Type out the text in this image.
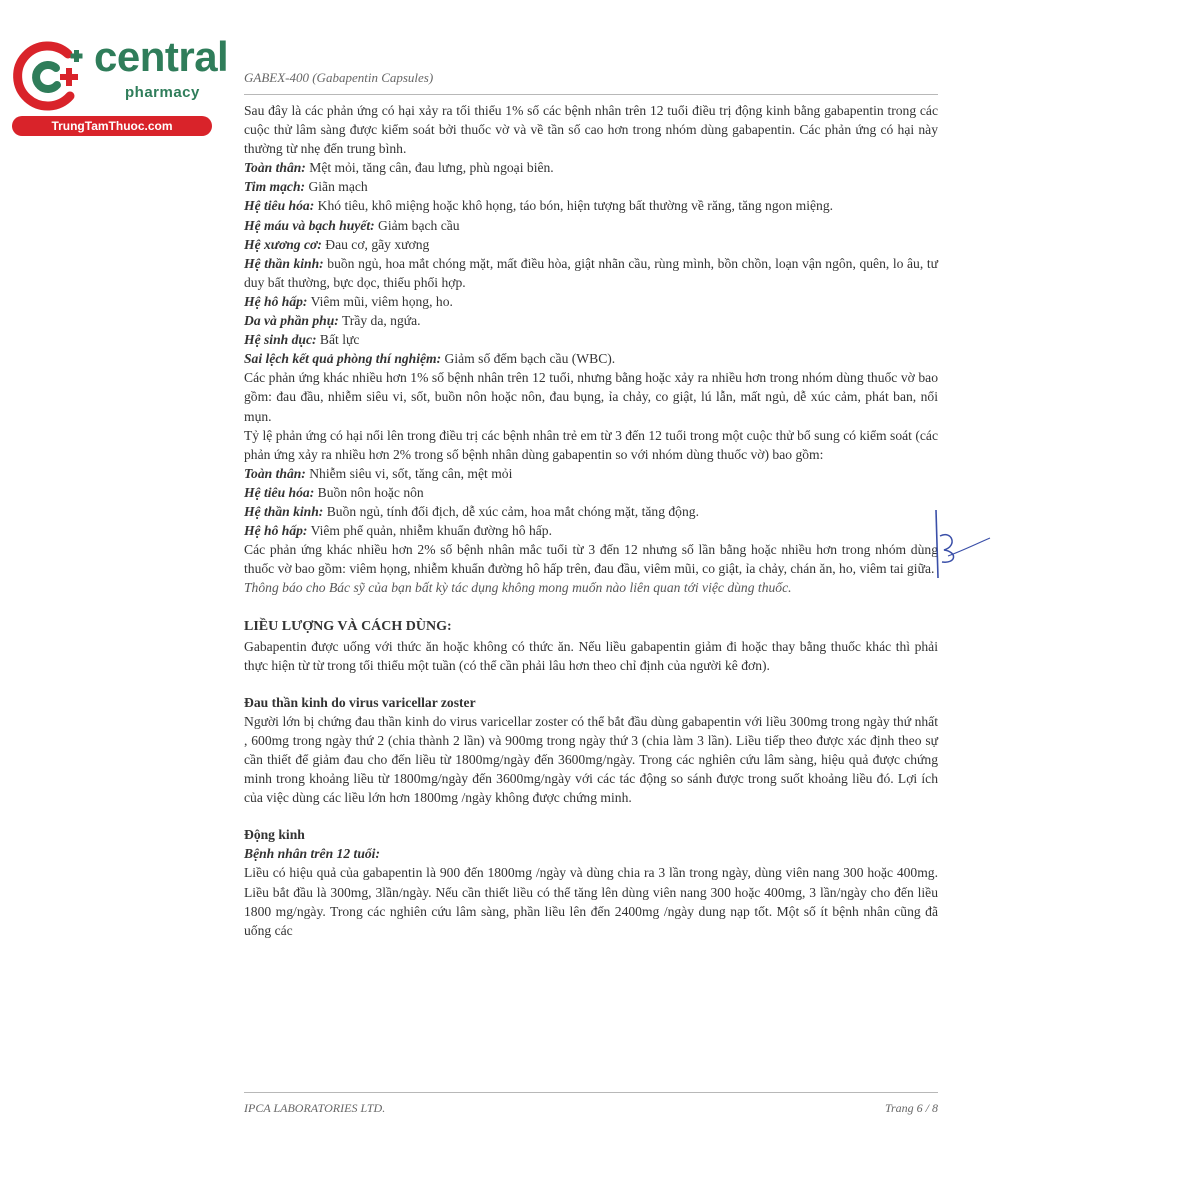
central
pharmacy
TrungTamThuoc.com
GABEX-400 (Gabapentin Capsules)

Sau đây là các phản ứng có hại xảy ra tối thiểu 1% số các bệnh nhân trên 12 tuổi điều trị động kinh bằng gabapentin trong các cuộc thử lâm sàng được kiểm soát bởi thuốc vờ và về tần số cao hơn trong nhóm dùng gabapentin. Các phản ứng có hại này thường từ nhẹ đến trung bình.

Toàn thân: Mệt mỏi, tăng cân, đau lưng, phù ngoại biên.

Tim mạch: Giãn mạch

Hệ tiêu hóa: Khó tiêu, khô miệng hoặc khô họng, táo bón, hiện tượng bất thường về răng, tăng ngon miệng.

Hệ máu và bạch huyết: Giảm bạch cầu

Hệ xương cơ: Đau cơ, gãy xương

Hệ thần kinh: buồn ngủ, hoa mắt chóng mặt, mất điều hòa, giật nhãn cầu, rùng mình, bồn chồn, loạn vận ngôn, quên, lo âu, tư duy bất thường, bực dọc, thiếu phối hợp.

Hệ hô hấp: Viêm mũi, viêm họng, ho.

Da và phần phụ: Trầy da, ngứa.

Hệ sinh dục: Bất lực

Sai lệch kết quả phòng thí nghiệm: Giảm số đếm bạch cầu (WBC).

Các phản ứng khác nhiều hơn 1% số bệnh nhân trên 12 tuổi, nhưng bằng hoặc xảy ra nhiều hơn trong nhóm dùng thuốc vờ bao gồm: đau đầu, nhiễm siêu vi, sốt, buồn nôn hoặc nôn, đau bụng, ỉa chảy, co giật, lú lẫn, mất ngủ, dễ xúc cảm, phát ban, nổi mụn.

Tỷ lệ phản ứng có hại nổi lên trong điều trị các bệnh nhân trẻ em từ 3 đến 12 tuổi trong một cuộc thử bổ sung có kiểm soát (các phản ứng xảy ra nhiều hơn 2% trong số bệnh nhân dùng gabapentin so với nhóm dùng thuốc vờ) bao gồm:

Toàn thân: Nhiễm siêu vi, sốt, tăng cân, mệt mỏi

Hệ tiêu hóa: Buồn nôn hoặc nôn

Hệ thần kinh: Buồn ngủ, tính đối địch, dễ xúc cảm, hoa mắt chóng mặt, tăng động.

Hệ hô hấp: Viêm phế quản, nhiễm khuẩn đường hô hấp.

Các phản ứng khác nhiều hơn 2% số bệnh nhân mắc tuổi từ 3 đến 12 nhưng số lần bằng hoặc nhiều hơn trong nhóm dùng thuốc vờ bao gồm: viêm họng, nhiễm khuẩn đường hô hấp trên, đau đầu, viêm mũi, co giật, ỉa chảy, chán ăn, ho, viêm tai giữa.

Thông báo cho Bác sỹ của bạn bất kỳ tác dụng không mong muốn nào liên quan tới việc dùng thuốc.

LIỀU LƯỢNG VÀ CÁCH DÙNG:

Gabapentin được uống với thức ăn hoặc không có thức ăn. Nếu liều gabapentin giảm đi hoặc thay bằng thuốc khác thì phải thực hiện từ từ trong tối thiểu một tuần (có thể cần phải lâu hơn theo chỉ định của người kê đơn).

Đau thần kinh do virus varicellar zoster

Người lớn bị chứng đau thần kinh do virus varicellar zoster có thể bắt đầu dùng gabapentin với liều 300mg trong ngày thứ nhất , 600mg trong ngày thứ 2 (chia thành 2 lần) và 900mg trong ngày thứ 3 (chia làm 3 lần). Liều tiếp theo được xác định theo sự cần thiết để giảm đau cho đến liều từ 1800mg/ngày đến 3600mg/ngày. Trong các nghiên cứu lâm sàng, hiệu quả được chứng minh trong khoảng liều từ 1800mg/ngày đến 3600mg/ngày với các tác động so sánh được trong suốt khoảng liều đó. Lợi ích của việc dùng các liều lớn hơn 1800mg /ngày không được chứng minh.

Động kinh

Bệnh nhân trên 12 tuổi:

Liều có hiệu quả của gabapentin là 900 đến 1800mg /ngày và dùng chia ra 3 lần trong ngày, dùng viên nang 300 hoặc 400mg. Liều bắt đầu là 300mg, 3lần/ngày. Nếu cần thiết liều có thể tăng lên dùng viên nang 300 hoặc 400mg, 3 lần/ngày cho đến liều 1800 mg/ngày. Trong các nghiên cứu lâm sàng, phần liều lên đến 2400mg /ngày dung nạp tốt. Một số ít bệnh nhân cũng đã uống các

IPCA LABORATORIES LTD.	Trang 6 / 8
